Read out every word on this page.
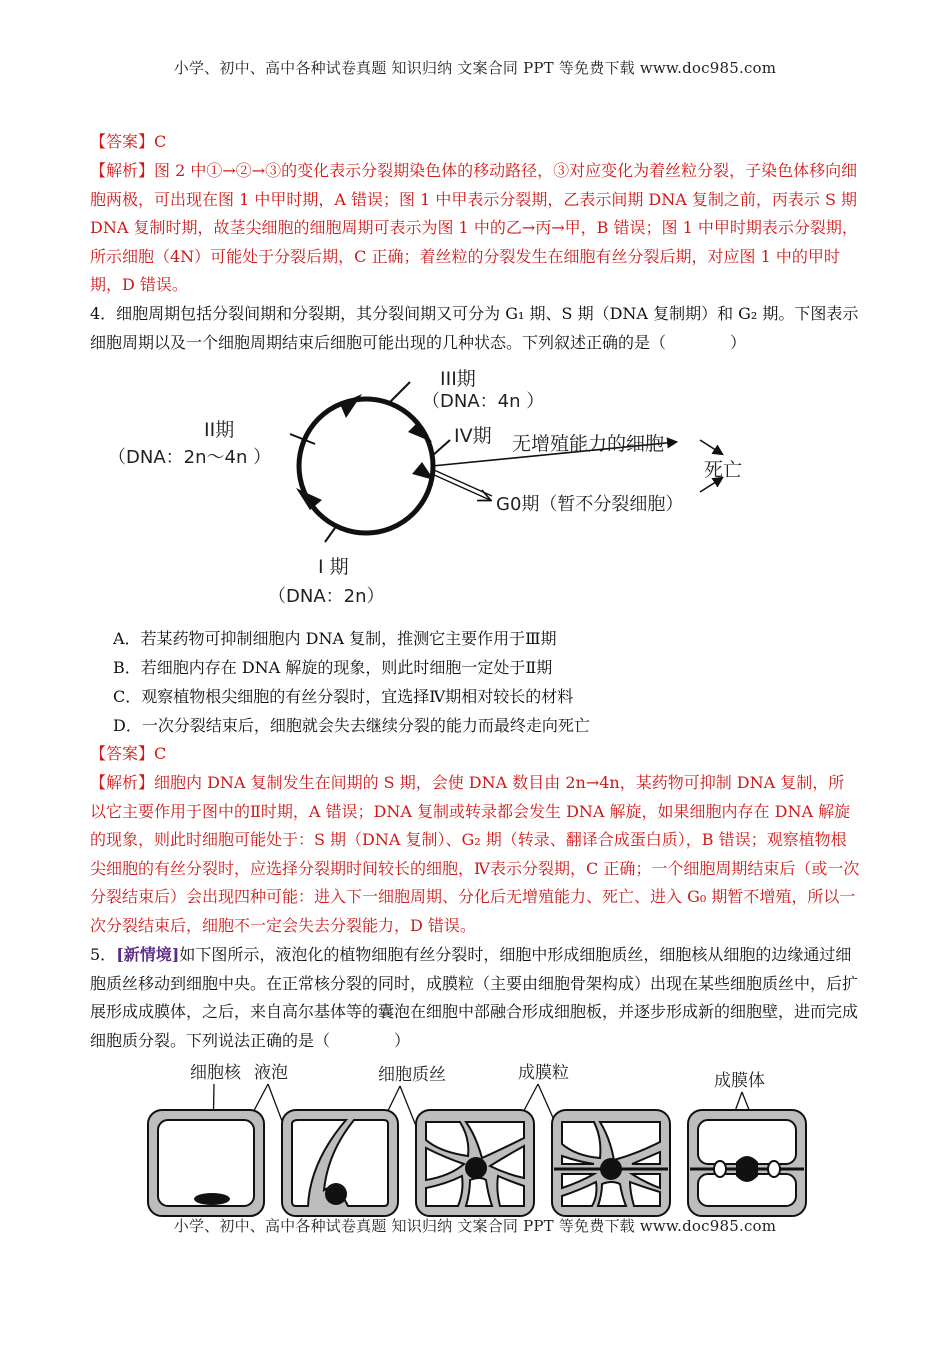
小学、初中、高中各种试卷真题 知识归纳 文案合同 PPT 等免费下载 www.doc985.com

【答案】C

【解析】图 2 中①→②→③的变化表示分裂期染色体的移动路径，③对应变化为着丝粒分裂，子染色体移向细胞两极，可出现在图 1 中甲时期，A 错误；图 1 中甲表示分裂期，乙表示间期 DNA 复制之前，丙表示 S 期 DNA 复制时期，故茎尖细胞的细胞周期可表示为图 1 中的乙→丙→甲，B 错误；图 1 中甲时期表示分裂期，所示细胞（4N）可能处于分裂后期，C 正确；着丝粒的分裂发生在细胞有丝分裂后期，对应图 1 中的甲时期，D 错误。

4．细胞周期包括分裂间期和分裂期，其分裂间期又可分为 G₁ 期、S 期（DNA 复制期）和 G₂ 期。下图表示细胞周期以及一个细胞周期结束后细胞可能出现的几种状态。下列叙述正确的是（　　　　）

III期
（DNA：4n ）
II期
（DNA：2n～4n ）
IV期 无增殖能力的细胞
死亡
G0期（暂不分裂细胞）
I 期
（DNA：2n）

A．若某药物可抑制细胞内 DNA 复制，推测它主要作用于Ⅲ期

B．若细胞内存在 DNA 解旋的现象，则此时细胞一定处于Ⅱ期

C．观察植物根尖细胞的有丝分裂时，宜选择Ⅳ期相对较长的材料

D．一次分裂结束后，细胞就会失去继续分裂的能力而最终走向死亡

【答案】C

【解析】细胞内 DNA 复制发生在间期的 S 期，会使 DNA 数目由 2n→4n，某药物可抑制 DNA 复制，所以它主要作用于图中的Ⅱ时期，A 错误；DNA 复制或转录都会发生 DNA 解旋，如果细胞内存在 DNA 解旋的现象，则此时细胞可能处于：S 期（DNA 复制）、G₂ 期（转录、翻译合成蛋白质），B 错误；观察植物根尖细胞的有丝分裂时，应选择分裂期时间较长的细胞，Ⅳ表示分裂期，C 正确；一个细胞周期结束后（或一次分裂结束后）会出现四种可能：进入下一细胞周期、分化后无增殖能力、死亡、进入 G₀ 期暂不增殖，所以一次分裂结束后，细胞不一定会失去分裂能力，D 错误。

5．[新情境]如下图所示，液泡化的植物细胞有丝分裂时，细胞中形成细胞质丝，细胞核从细胞的边缘通过细胞质丝移动到细胞中央。在正常核分裂的同时，成膜粒（主要由细胞骨架构成）出现在某些细胞质丝中，后扩展形成成膜体，之后，来自高尔基体等的囊泡在细胞中部融合形成细胞板，并逐步形成新的细胞壁，进而完成细胞质分裂。下列说法正确的是（　　　　）

细胞核 液泡	细胞质丝	成膜粒	成膜体
小学、初中、高中各种试卷真题 知识归纳 文案合同 PPT 等免费下载 www.doc985.com
